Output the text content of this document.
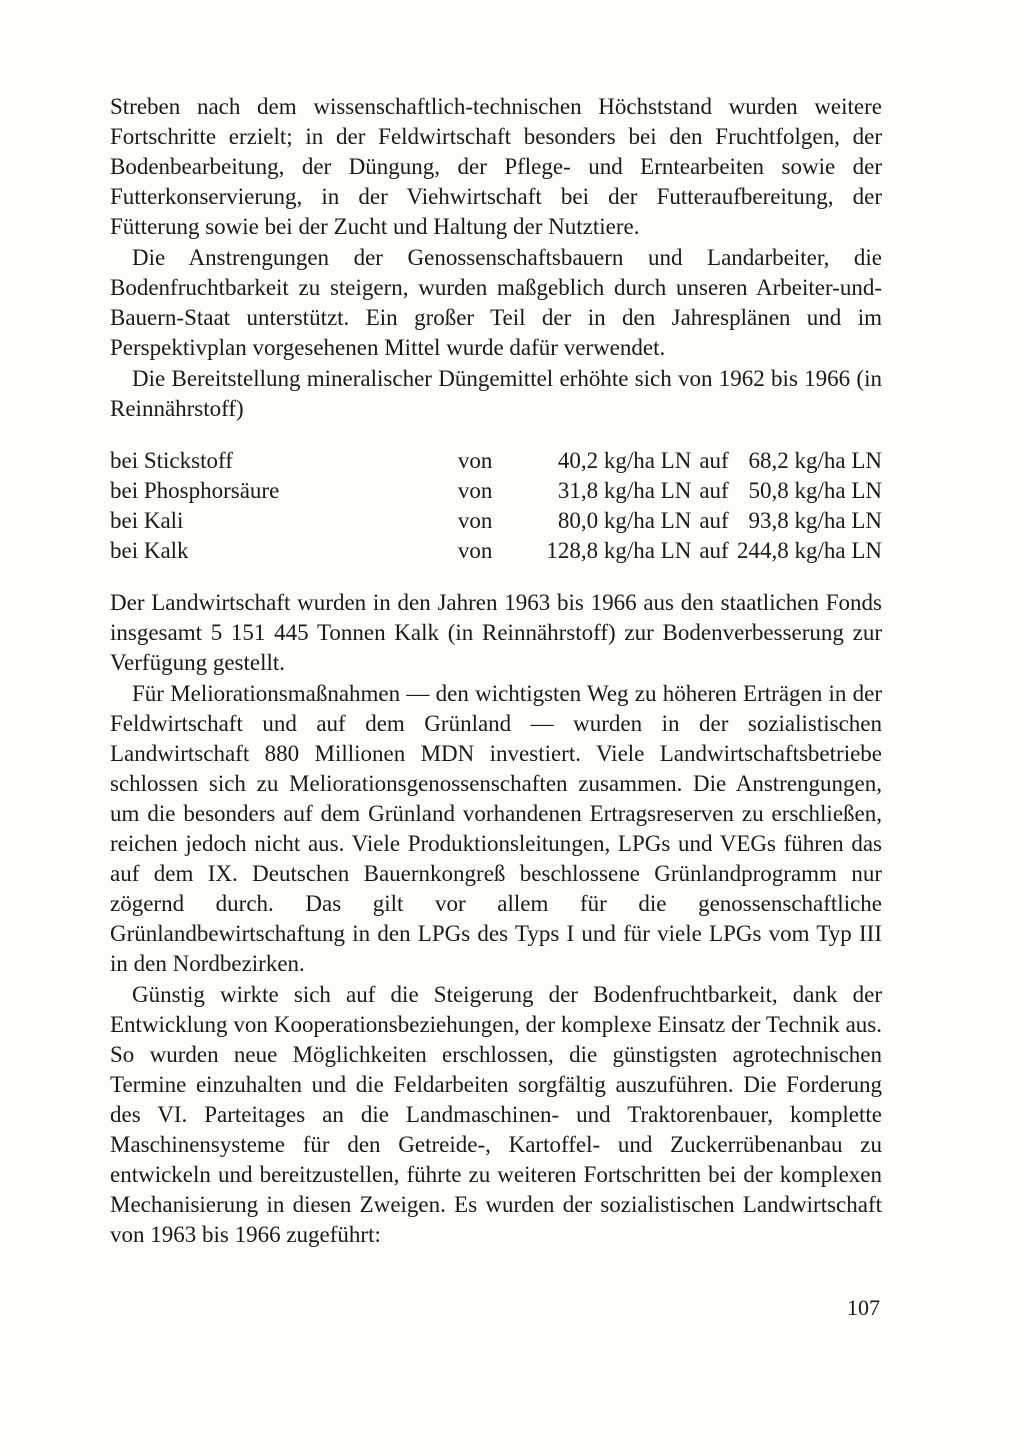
Streben nach dem wissenschaftlich-technischen Höchststand wurden weitere Fortschritte erzielt; in der Feldwirtschaft besonders bei den Fruchtfolgen, der Bodenbearbeitung, der Düngung, der Pflege- und Erntearbeiten sowie der Futterkonservierung, in der Viehwirtschaft bei der Futteraufbereitung, der Fütterung sowie bei der Zucht und Haltung der Nutztiere.

Die Anstrengungen der Genossenschaftsbauern und Landarbeiter, die Bodenfruchtbarkeit zu steigern, wurden maßgeblich durch unseren Arbeiter-und-Bauern-Staat unterstützt. Ein großer Teil der in den Jahresplänen und im Perspektivplan vorgesehenen Mittel wurde dafür verwendet.

Die Bereitstellung mineralischer Düngemittel erhöhte sich von 1962 bis 1966 (in Reinnährstoff)

bei Stickstoff	von	40,2 kg/ha LN	auf	68,2 kg/ha LN
bei Phosphorsäure	von	31,8 kg/ha LN	auf	50,8 kg/ha LN
bei Kali	von	80,0 kg/ha LN	auf	93,8 kg/ha LN
bei Kalk	von	128,8 kg/ha LN	auf	244,8 kg/ha LN

Der Landwirtschaft wurden in den Jahren 1963 bis 1966 aus den staatlichen Fonds insgesamt 5 151 445 Tonnen Kalk (in Reinnährstoff) zur Bodenverbesserung zur Verfügung gestellt.

Für Meliorationsmaßnahmen — den wichtigsten Weg zu höheren Erträgen in der Feldwirtschaft und auf dem Grünland — wurden in der sozialistischen Landwirtschaft 880 Millionen MDN investiert. Viele Landwirtschaftsbetriebe schlossen sich zu Meliorationsgenossenschaften zusammen. Die Anstrengungen, um die besonders auf dem Grünland vorhandenen Ertragsreserven zu erschließen, reichen jedoch nicht aus. Viele Produktionsleitungen, LPGs und VEGs führen das auf dem IX. Deutschen Bauernkongreß beschlossene Grünlandprogramm nur zögernd durch. Das gilt vor allem für die genossenschaftliche Grünlandbewirtschaftung in den LPGs des Typs I und für viele LPGs vom Typ III in den Nordbezirken.

Günstig wirkte sich auf die Steigerung der Bodenfruchtbarkeit, dank der Entwicklung von Kooperationsbeziehungen, der komplexe Einsatz der Technik aus. So wurden neue Möglichkeiten erschlossen, die günstigsten agrotechnischen Termine einzuhalten und die Feldarbeiten sorgfältig auszuführen. Die Forderung des VI. Parteitages an die Landmaschinen- und Traktorenbauer, komplette Maschinensysteme für den Getreide-, Kartoffel- und Zuckerrübenanbau zu entwickeln und bereitzustellen, führte zu weiteren Fortschritten bei der komplexen Mechanisierung in diesen Zweigen. Es wurden der sozialistischen Landwirtschaft von 1963 bis 1966 zugeführt:

107
